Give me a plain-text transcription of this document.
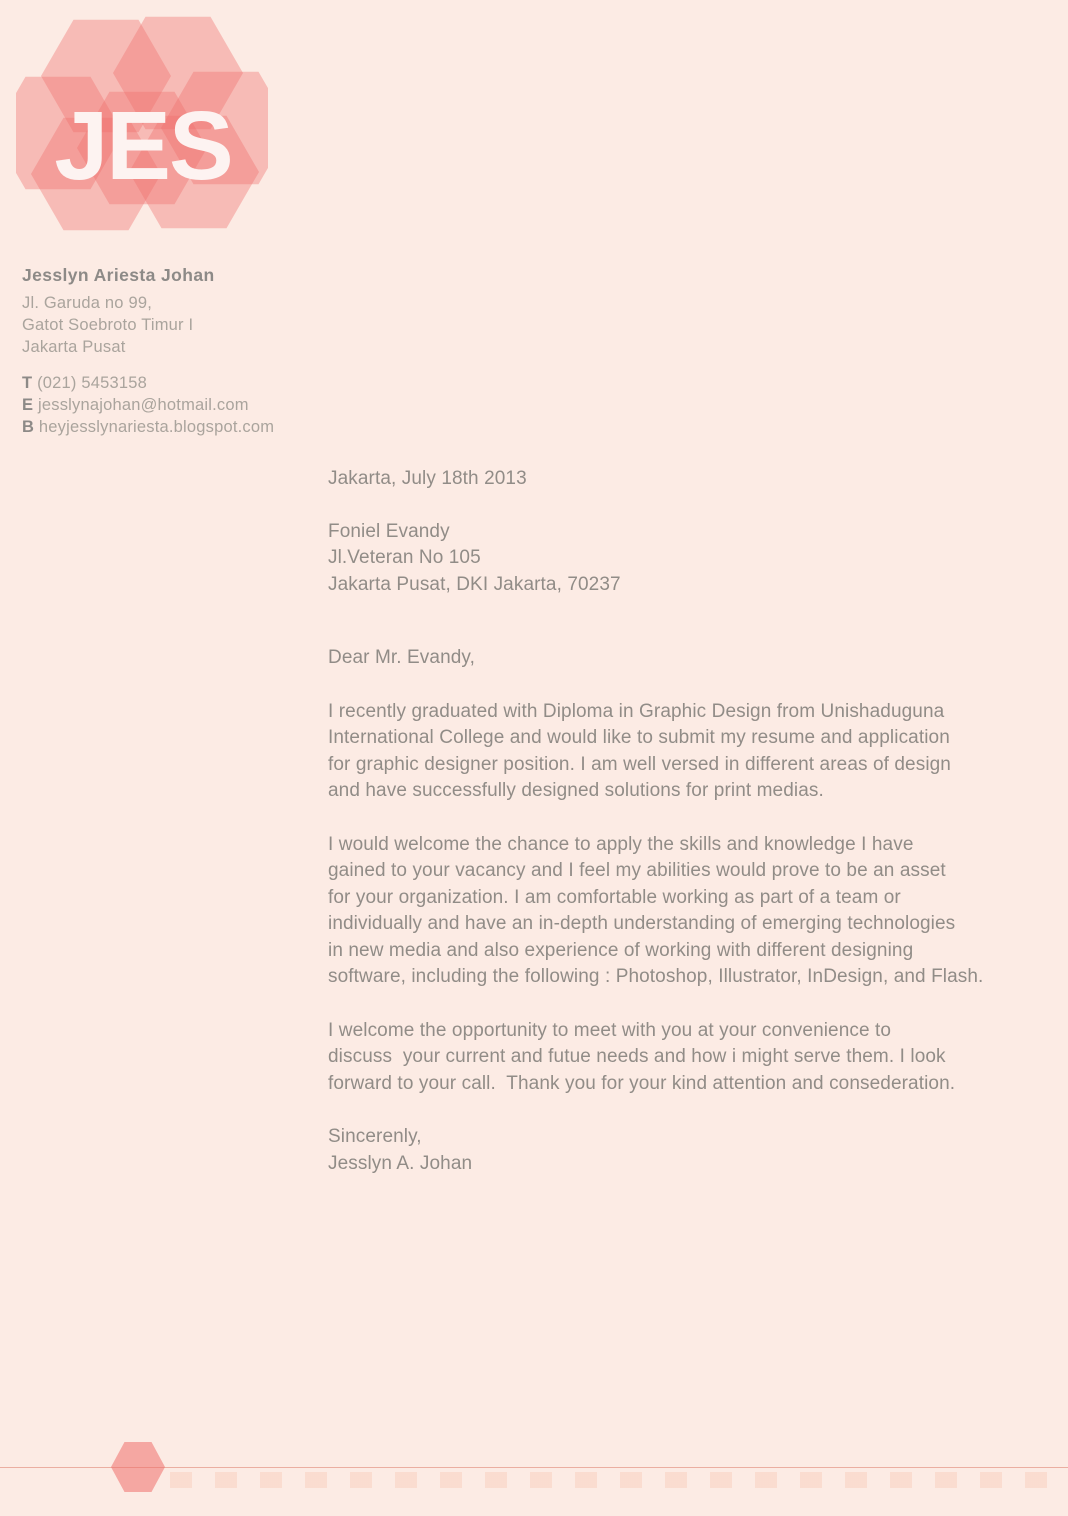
JES
Jesslyn Ariesta Johan
Jl. Garuda no 99,
Gatot Soebroto Timur I
Jakarta Pusat
T (021) 5453158
E jesslynajohan@hotmail.com
B heyjesslynariesta.blogspot.com
Jakarta, July 18th 2013
Foniel Evandy
Jl.Veteran No 105
Jakarta Pusat, DKI Jakarta, 70237
Dear Mr. Evandy,
I recently graduated with Diploma in Graphic Design from Unishaduguna
International College and would like to submit my resume and application
for graphic designer position. I am well versed in different areas of design
and have successfully designed solutions for print medias.
I would welcome the chance to apply the skills and knowledge I have
gained to your vacancy and I feel my abilities would prove to be an asset
for your organization. I am comfortable working as part of a team or
individually and have an in-depth understanding of emerging technologies
in new media and also experience of working with different designing
software, including the following : Photoshop, Illustrator, InDesign, and Flash.
I welcome the opportunity to meet with you at your convenience to
discuss  your current and futue needs and how i might serve them. I look
forward to your call.  Thank you for your kind attention and consederation.
Sincerenly,
Jesslyn A. Johan
